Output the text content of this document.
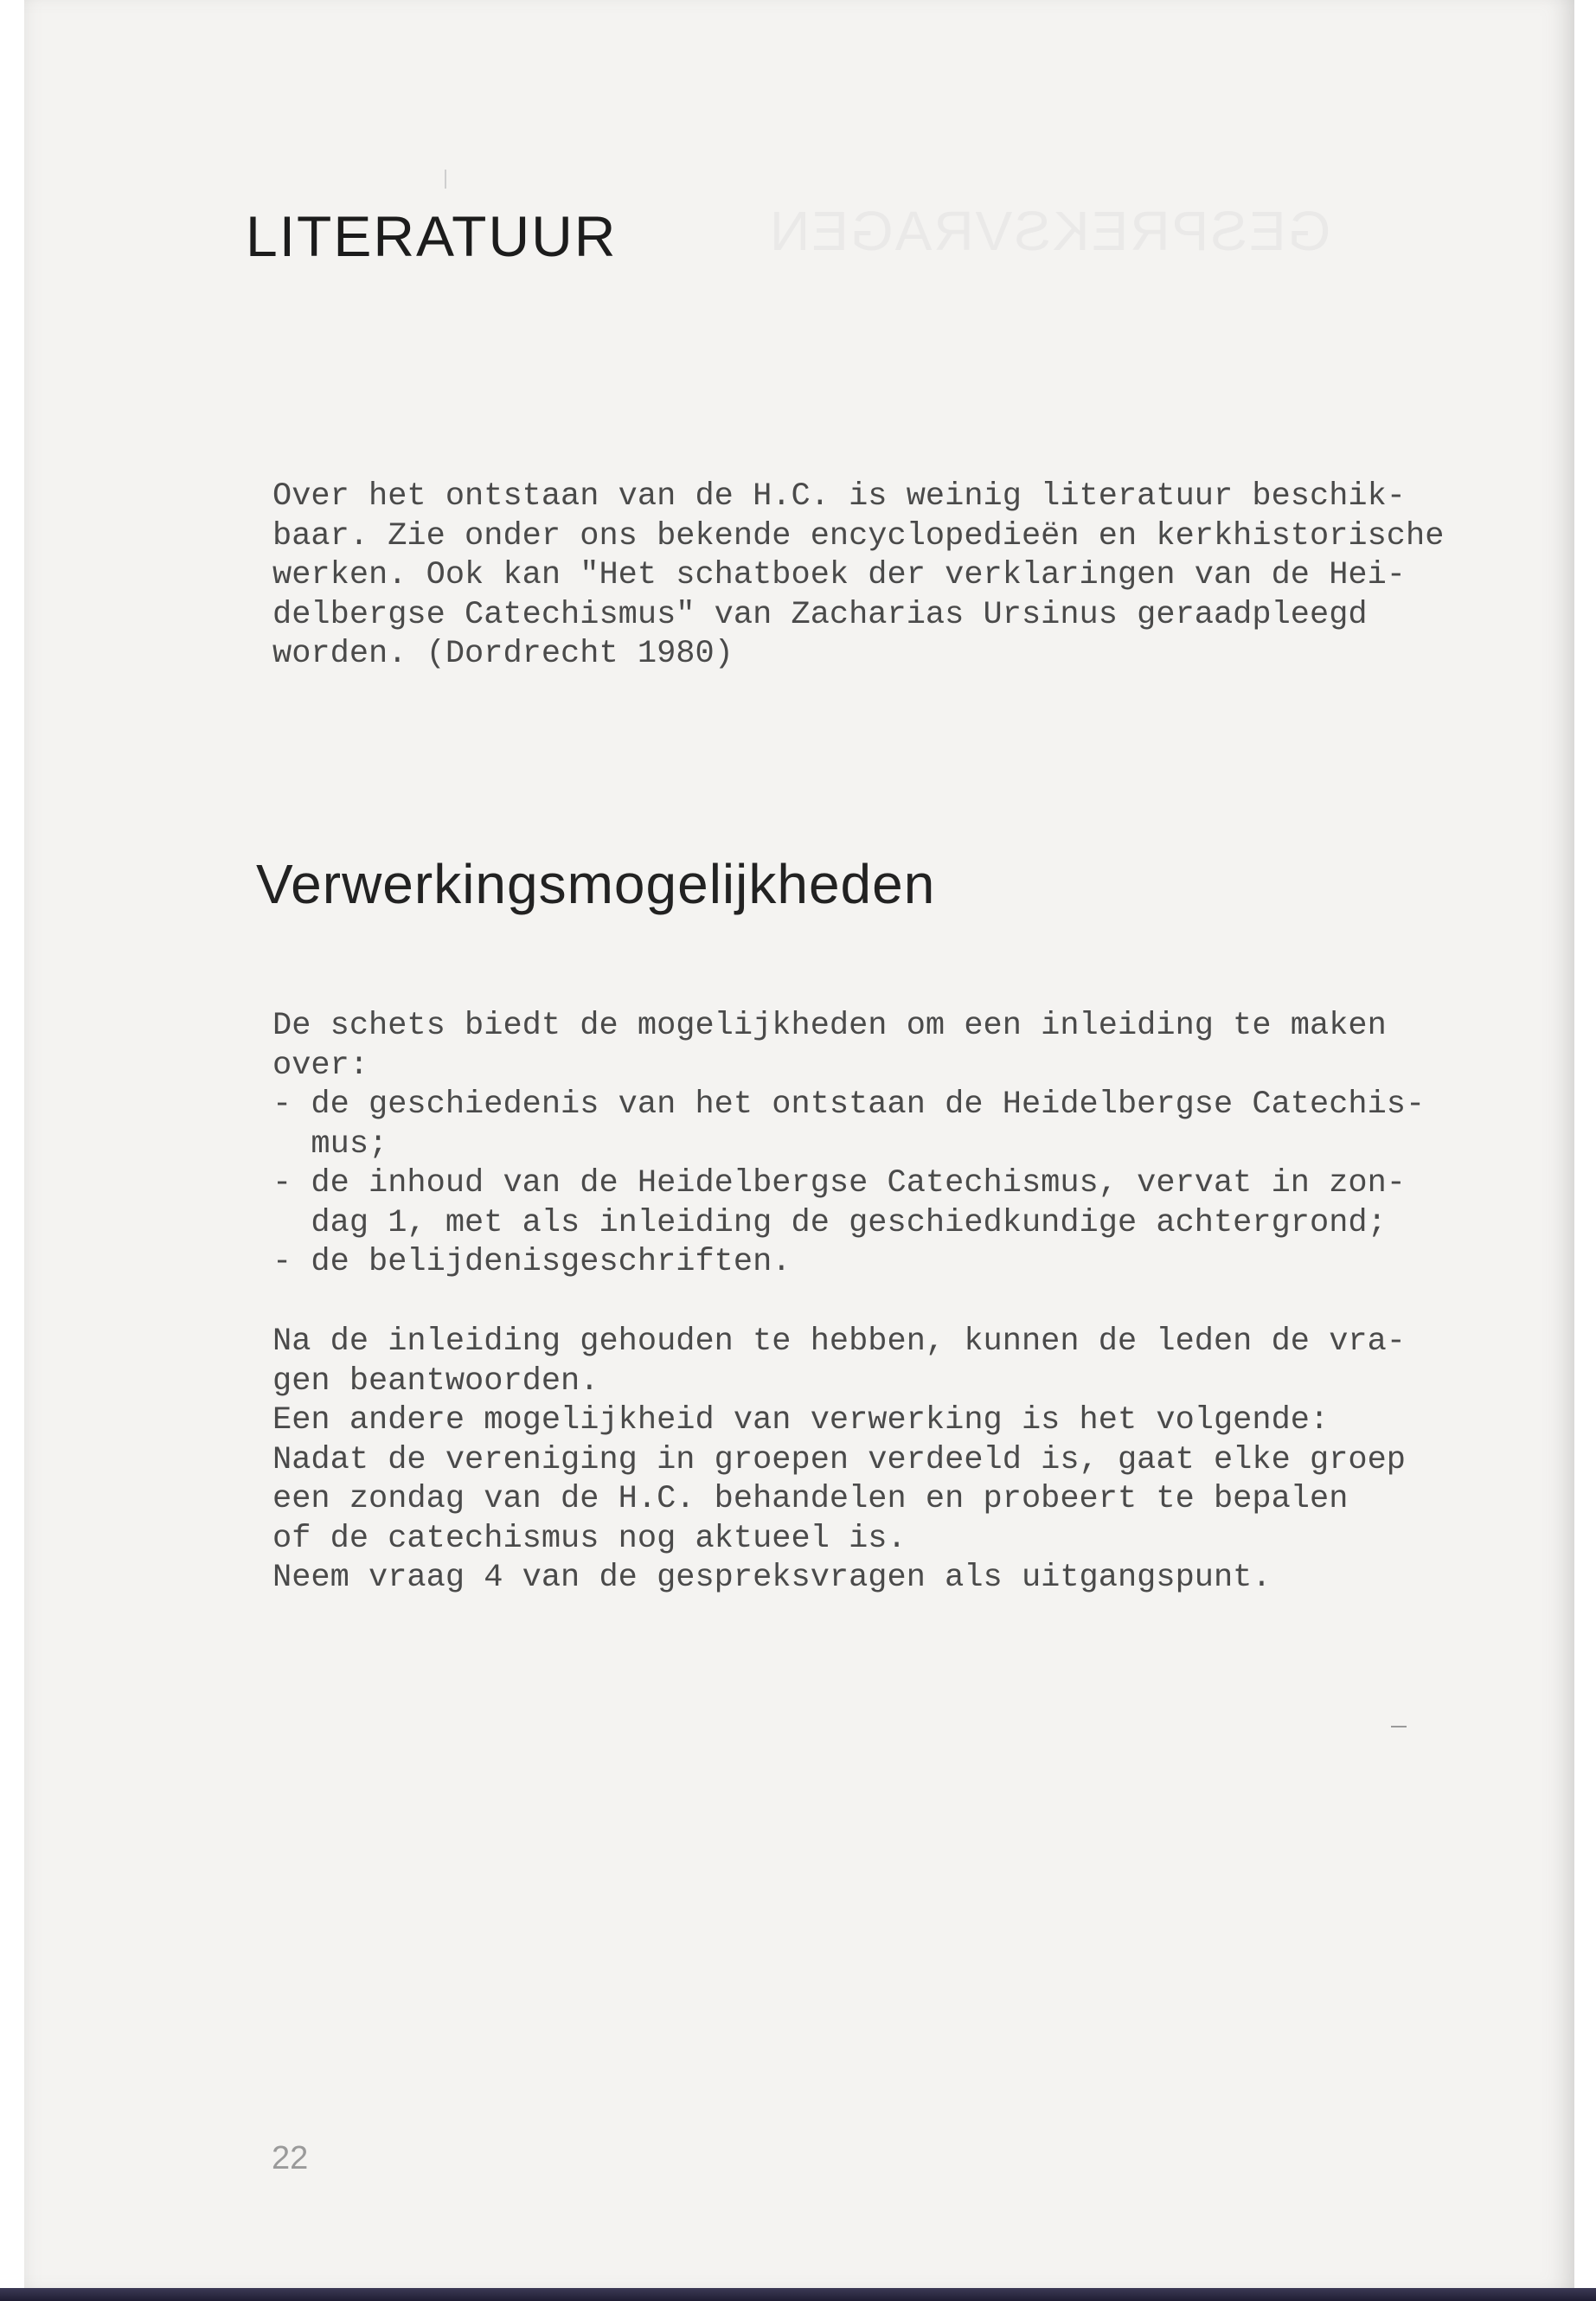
GESPREKSVRAGEN
LITERATUUR
Over het ontstaan van de H.C. is weinig literatuur beschik-
baar. Zie onder ons bekende encyclopedieën en kerkhistorische
werken. Ook kan "Het schatboek der verklaringen van de Hei-
delbergse Catechismus" van Zacharias Ursinus geraadpleegd
worden. (Dordrecht 1980)
Verwerkingsmogelijkheden
De schets biedt de mogelijkheden om een inleiding te maken
over:
- de geschiedenis van het ontstaan de Heidelbergse Catechis-
mus;
- de inhoud van de Heidelbergse Catechismus, vervat in zon-
dag 1, met als inleiding de geschiedkundige achtergrond;
- de belijdenisgeschriften.
Na de inleiding gehouden te hebben, kunnen de leden de vra-
gen beantwoorden.
Een andere mogelijkheid van verwerking is het volgende:
Nadat de vereniging in groepen verdeeld is, gaat elke groep
een zondag van de H.C. behandelen en probeert te bepalen
of de catechismus nog aktueel is.
Neem vraag 4 van de gespreksvragen als uitgangspunt.
22
